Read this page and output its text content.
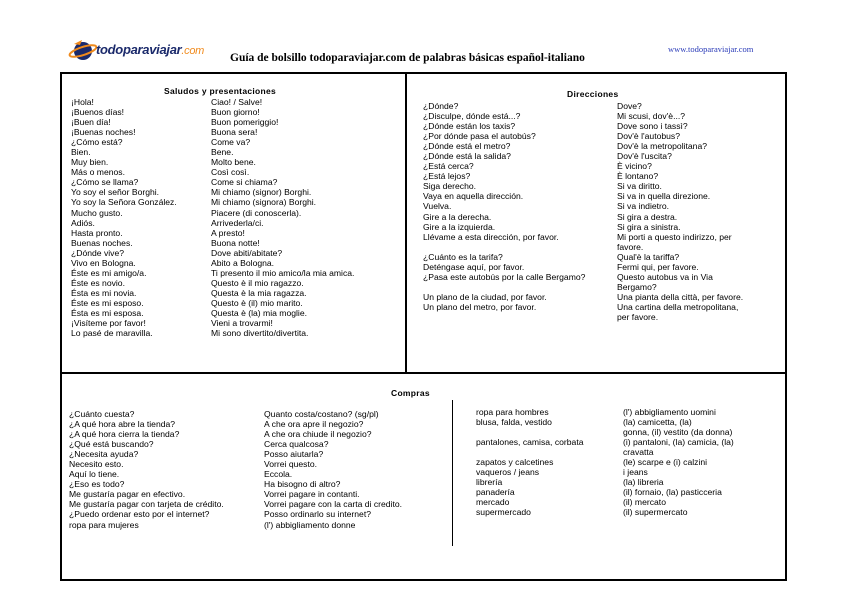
todoparaviajar.com
Guía de bolsillo todoparaviajar.com de palabras básicas español-italiano
www.todoparaviajar.com
Saludos y presentaciones
¡Hola!
¡Buenos días!
¡Buen día!
¡Buenas noches!
¿Cómo está?
Bien.
Muy bien.
Más o menos.
¿Cómo se llama?
Yo soy el señor Borghi.
Yo soy la Señora González.
Mucho gusto.
Adiós.
Hasta pronto.
Buenas noches.
¿Dónde vive?
Vivo en Bologna.
Éste es mi amigo/a.
Éste es novio.
Ésta es mi novia.
Éste es mi esposo.
Ésta es mi esposa.
¡Visíteme por favor!
Lo pasé de maravilla.
Ciao! / Salve!
Buon giorno!
Buon pomeriggio!
Buona sera!
Come va?
Bene.
Molto bene.
Così così.
Come si chiama?
Mi chiamo (signor) Borghi.
Mi chiamo (signora) Borghi.
Piacere (di conoscerla).
Arrivederla/ci.
A presto!
Buona notte!
Dove abiti/abitate?
Abito a Bologna.
Ti presento il mio amico/la mia amica.
Questo è il mio ragazzo.
Questa è la mia ragazza.
Questo è (il) mio marito.
Questa è (la) mia moglie.
Vieni a trovarmi!
Mi sono divertito/divertita.
Direcciones
¿Dónde?
¿Disculpe, dónde está...?
¿Dónde están los taxis?
¿Por dónde pasa el autobús?
¿Dónde está el metro?
¿Dónde está la salida?
¿Está cerca?
¿Está lejos?
Siga derecho.
Vaya en aquella dirección.
Vuelva.
Gire a la derecha.
Gire a la izquierda.
Llévame a esta dirección, por favor.
¿Cuánto es la tarifa?
Deténgase aquí, por favor.
¿Pasa este autobús por la calle Bergamo?
Un plano de la ciudad, por favor.
Un plano del metro, por favor.
Dove?
Mi scusi, dov'è...?
Dove sono i tassì?
Dov'è l'autobus?
Dov'è la metropolitana?
Dov'è l'uscita?
È vicino?
È lontano?
Si va diritto.
Si va in quella direzione.
Si va indietro.
Si gira a destra.
Si gira a sinistra.
Mi porti a questo indirizzo, per
favore.
Qual'è la tariffa?
Fermi qui, per favore.
Questo autobus va in Via
Bergamo?
Una pianta della città, per favore.
Una cartina della metropolitana,
per favore.
Compras
¿Cuánto cuesta?
¿A qué hora abre la tienda?
¿A qué hora cierra la tienda?
¿Qué está buscando?
¿Necesita ayuda?
Necesito esto.
Aquí lo tiene.
¿Eso es todo?
Me gustaría pagar en efectivo.
Me gustaría pagar con tarjeta de crédito.
¿Puedo ordenar esto por el internet?
ropa para mujeres
Quanto costa/costano? (sg/pl)
A che ora apre il negozio?
A che ora chiude il negozio?
Cerca qualcosa?
Posso aiutarla?
Vorrei questo.
Eccola.
Ha bisogno di altro?
Vorrei pagare in contanti.
Vorrei pagare con la carta di credito.
Posso ordinarlo su internet?
(l') abbigliamento donne
ropa para hombres
blusa, falda, vestido
pantalones, camisa, corbata
zapatos y calcetines
vaqueros / jeans
librería
panadería
mercado
supermercado
(l') abbigliamento uomini
(la) camicetta, (la)
gonna, (il) vestito (da donna)
(i) pantaloni, (la) camicia, (la)
cravatta
(le) scarpe e (i) calzini
i jeans
(la) libreria
(il) fornaio, (la) pasticceria
(il) mercato
(il) supermercato
